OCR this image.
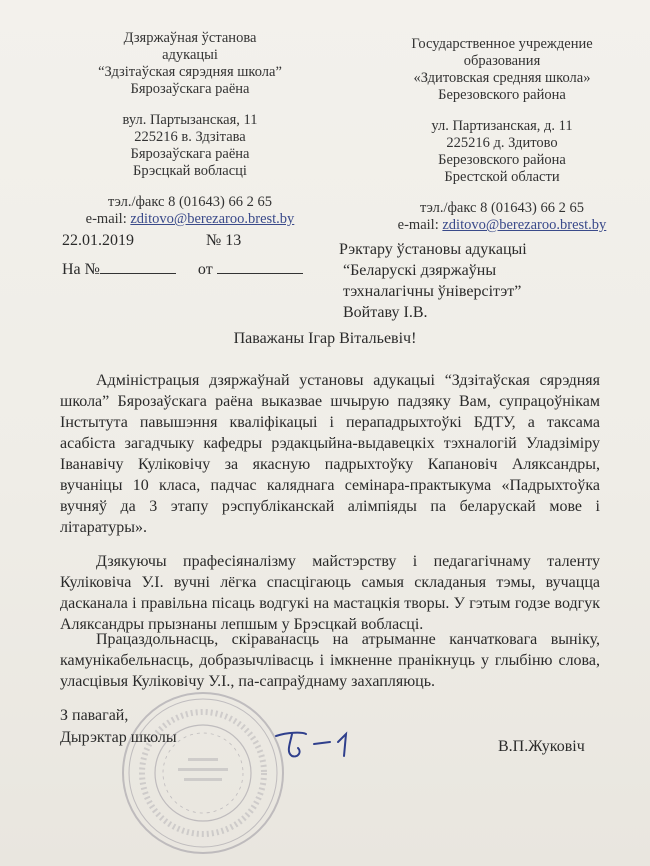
Дзяржаўная ўстанова
адукацыі
“Здзітаўская сярэдняя школа”
Бярозаўскага раёна
вул. Партызанская, 11
225216 в. Здзітава
Бярозаўскага раёна
Брэсцкай вобласці
тэл./факс 8 (01643) 66 2 65
e-mail: zditovo@berezaroo.brest.by
Государственное учреждение
образования
«Здитовская средняя школа»
Березовского района
ул. Партизанская, д. 11
225216 д. Здитово
Березовского района
Брестской области
тэл./факс 8 (01643) 66 2 65
e-mail: zditovo@berezaroo.brest.by
22.01.2019	№ 13
На №	от
Рэктару ўстановы адукацыі
“Беларускі дзяржаўны
тэхналагічны ўніверсітэт”
Войтаву І.В.
Паважаны Ігар Вітальевіч!
Адміністрацыя дзяржаўнай установы адукацыі “Здзітаўская сярэдняя школа” Бярозаўскага раёна выказвае шчырую падзяку Вам, супрацоўнікам Інстытута павышэння кваліфікацыі і перападрыхтоўкі БДТУ, а таксама асабіста загадчыку кафедры рэдакцыйна-выдавецкіх тэхналогій Уладзіміру Іванавічу Куліковічу за якасную падрыхтоўку Капановіч Аляксандры, вучаніцы 10 класа, падчас каляднага семінара-практыкума «Падрыхтоўка вучняў да 3 этапу рэспубліканскай алімпіяды па беларускай мове і літаратуры».
Дзякуючы прафесіяналізму майстэрству і педагагічнаму таленту Куліковіча У.І. вучні лёгка спасцігаюць самыя складаныя тэмы, вучацца дасканала і правільна пісаць водгукі на мастацкія творы. У гэтым годзе водгук Аляксандры прызнаны лепшым у Брэсцкай вобласці.
Працаздольнасць, скіраванасць на атрыманне канчатковага выніку, камунікабельнасць, добразычлівасць і імкненне пранікнуць у глыбіню слова, уласцівыя Куліковічу У.І., па-сапраўднаму захапляюць.
З павагай,
Дырэктар школы
В.П.Жуковіч
